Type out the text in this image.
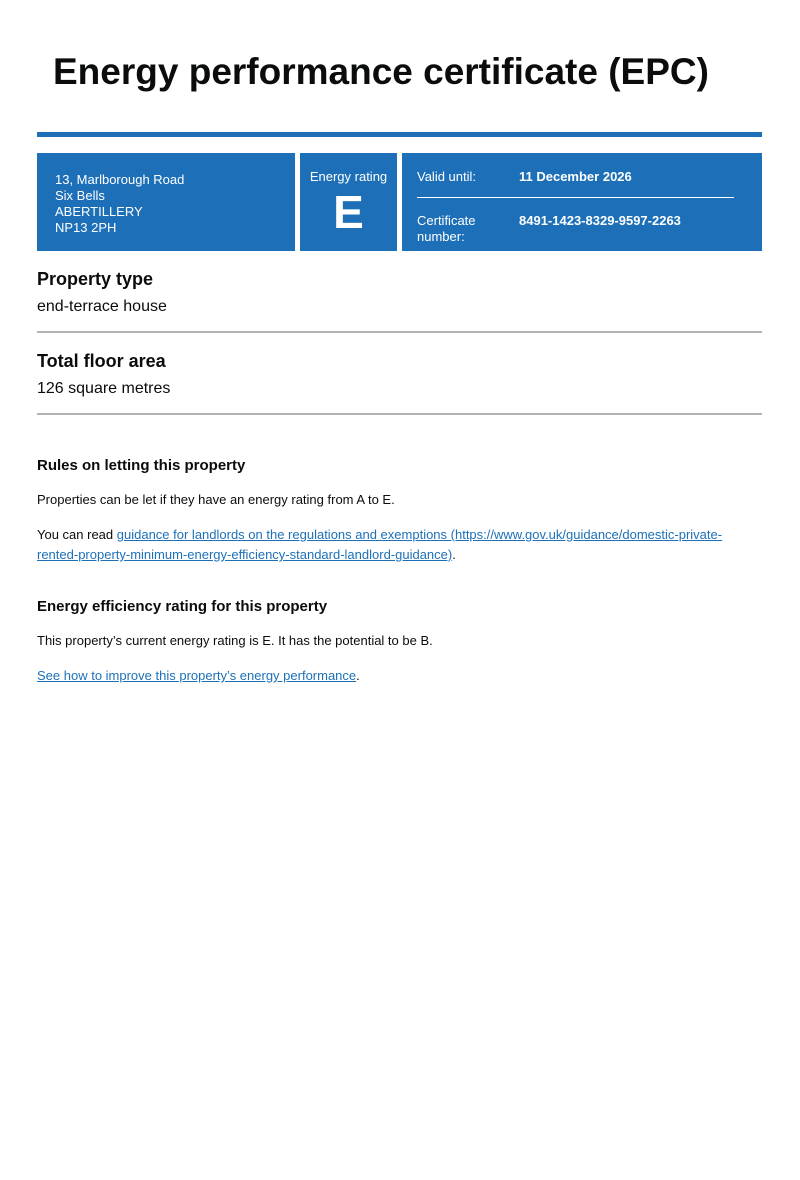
Energy performance certificate (EPC)
13, Marlborough Road
Six Bells
ABERTILLERY
NP13 2PH
Energy rating
E
Valid until:	11 December 2026
Certificate number:
8491-1423-8329-9597-2263
Property type

end-terrace house

Total floor area

126 square metres

Rules on letting this property

Properties can be let if they have an energy rating from A to E.

You can read guidance for landlords on the regulations and exemptions (https://www.gov.uk/guidance/domestic-private-rented-property-minimum-energy-efficiency-standard-landlord-guidance).

Energy efficiency rating for this property

This property’s current energy rating is E. It has the potential to be B.

See how to improve this property’s energy performance.
